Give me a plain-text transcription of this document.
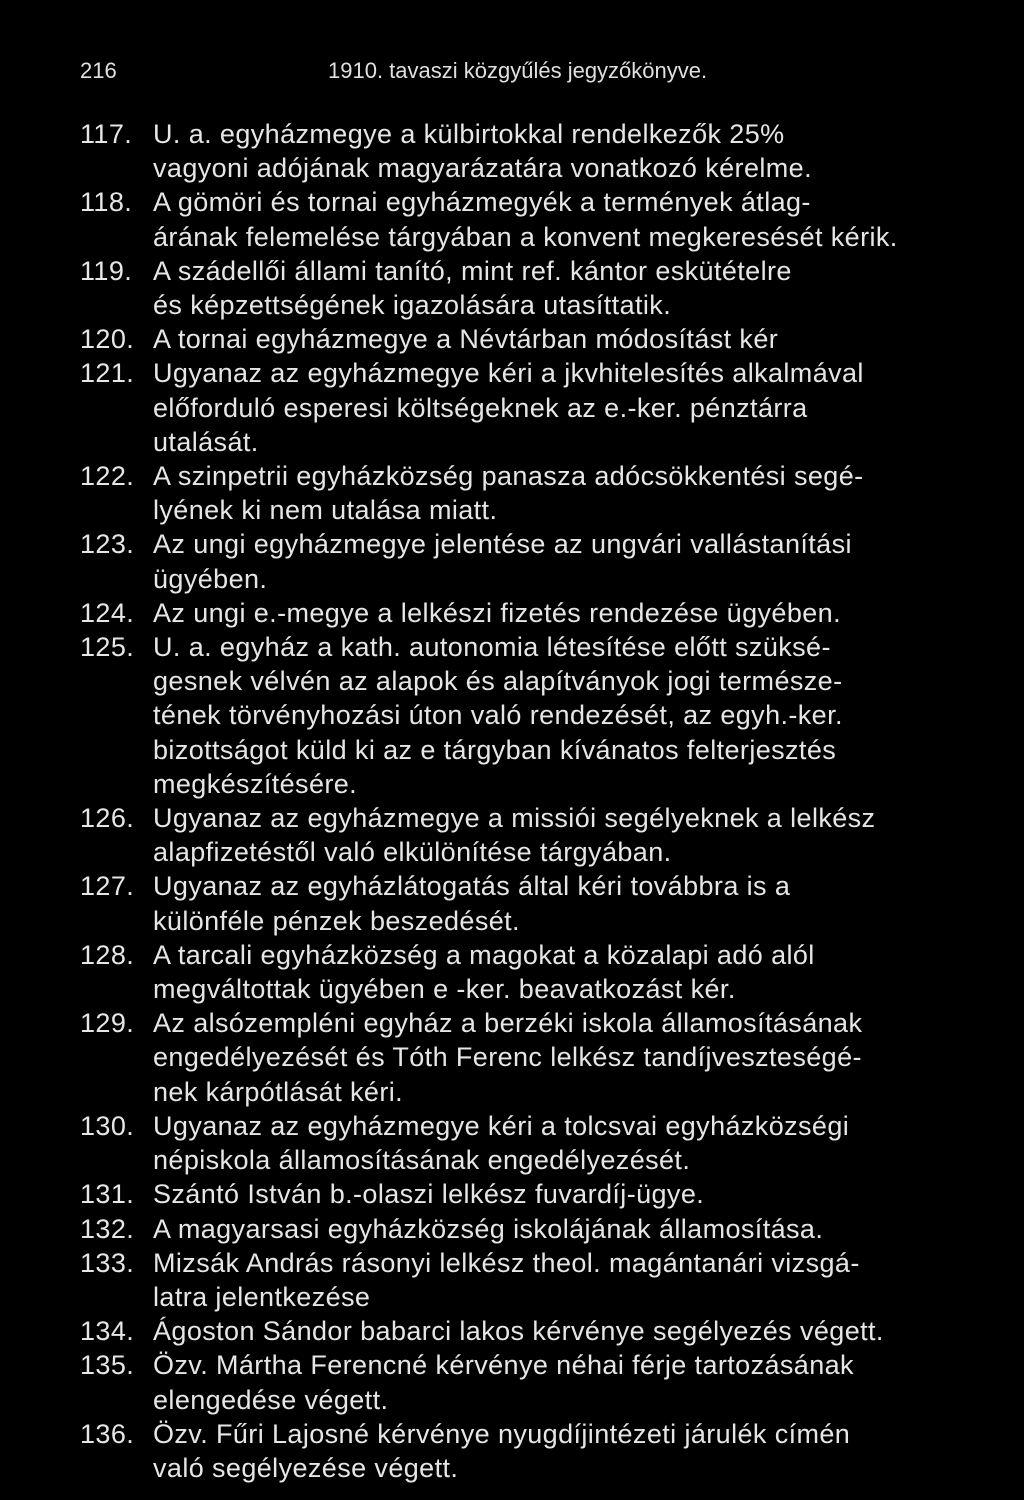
216	1910. tavaszi közgyűlés jegyzőkönyve.
117. U. a. egyházmegye a külbirtokkal rendelkezők 25%
vagyoni adójának magyarázatára vonatkozó kérelme.
118. A gömöri és tornai egyházmegyék a termények átlag-
árának felemelése tárgyában a konvent megkeresését kérik.
119. A szádellői állami tanító, mint ref. kántor eskütételre
és képzettségének igazolására utasíttatik.
120. A tornai egyházmegye a Névtárban módosítást kér
121. Ugyanaz az egyházmegye kéri a jkvhitelesítés alkalmával
előforduló esperesi költségeknek az e.-ker. pénztárra
utalását.
122. A szinpetrii egyházközség panasza adócsökkentési segé-
lyének ki nem utalása miatt.
123. Az ungi egyházmegye jelentése az ungvári vallástanítási
ügyében.
124. Az ungi e.-megye a lelkészi fizetés rendezése ügyében.
125. U. a. egyház a kath. autonomia létesítése előtt szüksé-
gesnek vélvén az alapok és alapítványok jogi természe-
tének törvényhozási úton való rendezését, az egyh.-ker.
bizottságot küld ki az e tárgyban kívánatos felterjesztés
megkészítésére.
126. Ugyanaz az egyházmegye a missiói segélyeknek a lelkész
alapfizetéstől való elkülönítése tárgyában.
127. Ugyanaz az egyházlátogatás által kéri továbbra is a
különféle pénzek beszedését.
128. A tarcali egyházközség a magokat a közalapi adó alól
megváltottak ügyében e -ker. beavatkozást kér.
129. Az alsózempléni egyház a berzéki iskola államosításának
engedélyezését és Tóth Ferenc lelkész tandíjveszteségé-
nek kárpótlását kéri.
130. Ugyanaz az egyházmegye kéri a tolcsvai egyházközségi
népiskola államosításának engedélyezését.
131. Szántó István b.-olaszi lelkész fuvardíj-ügye.
132. A magyarsasi egyházközség iskolájának államosítása.
133. Mizsák András rásonyi lelkész theol. magántanári vizsgá-
latra jelentkezése
134. Ágoston Sándor babarci lakos kérvénye segélyezés végett.
135. Özv. Mártha Ferencné kérvénye néhai férje tartozásának
elengedése végett.
136. Özv. Fűri Lajosné kérvénye nyugdíjintézeti járulék címén
való segélyezése végett.
